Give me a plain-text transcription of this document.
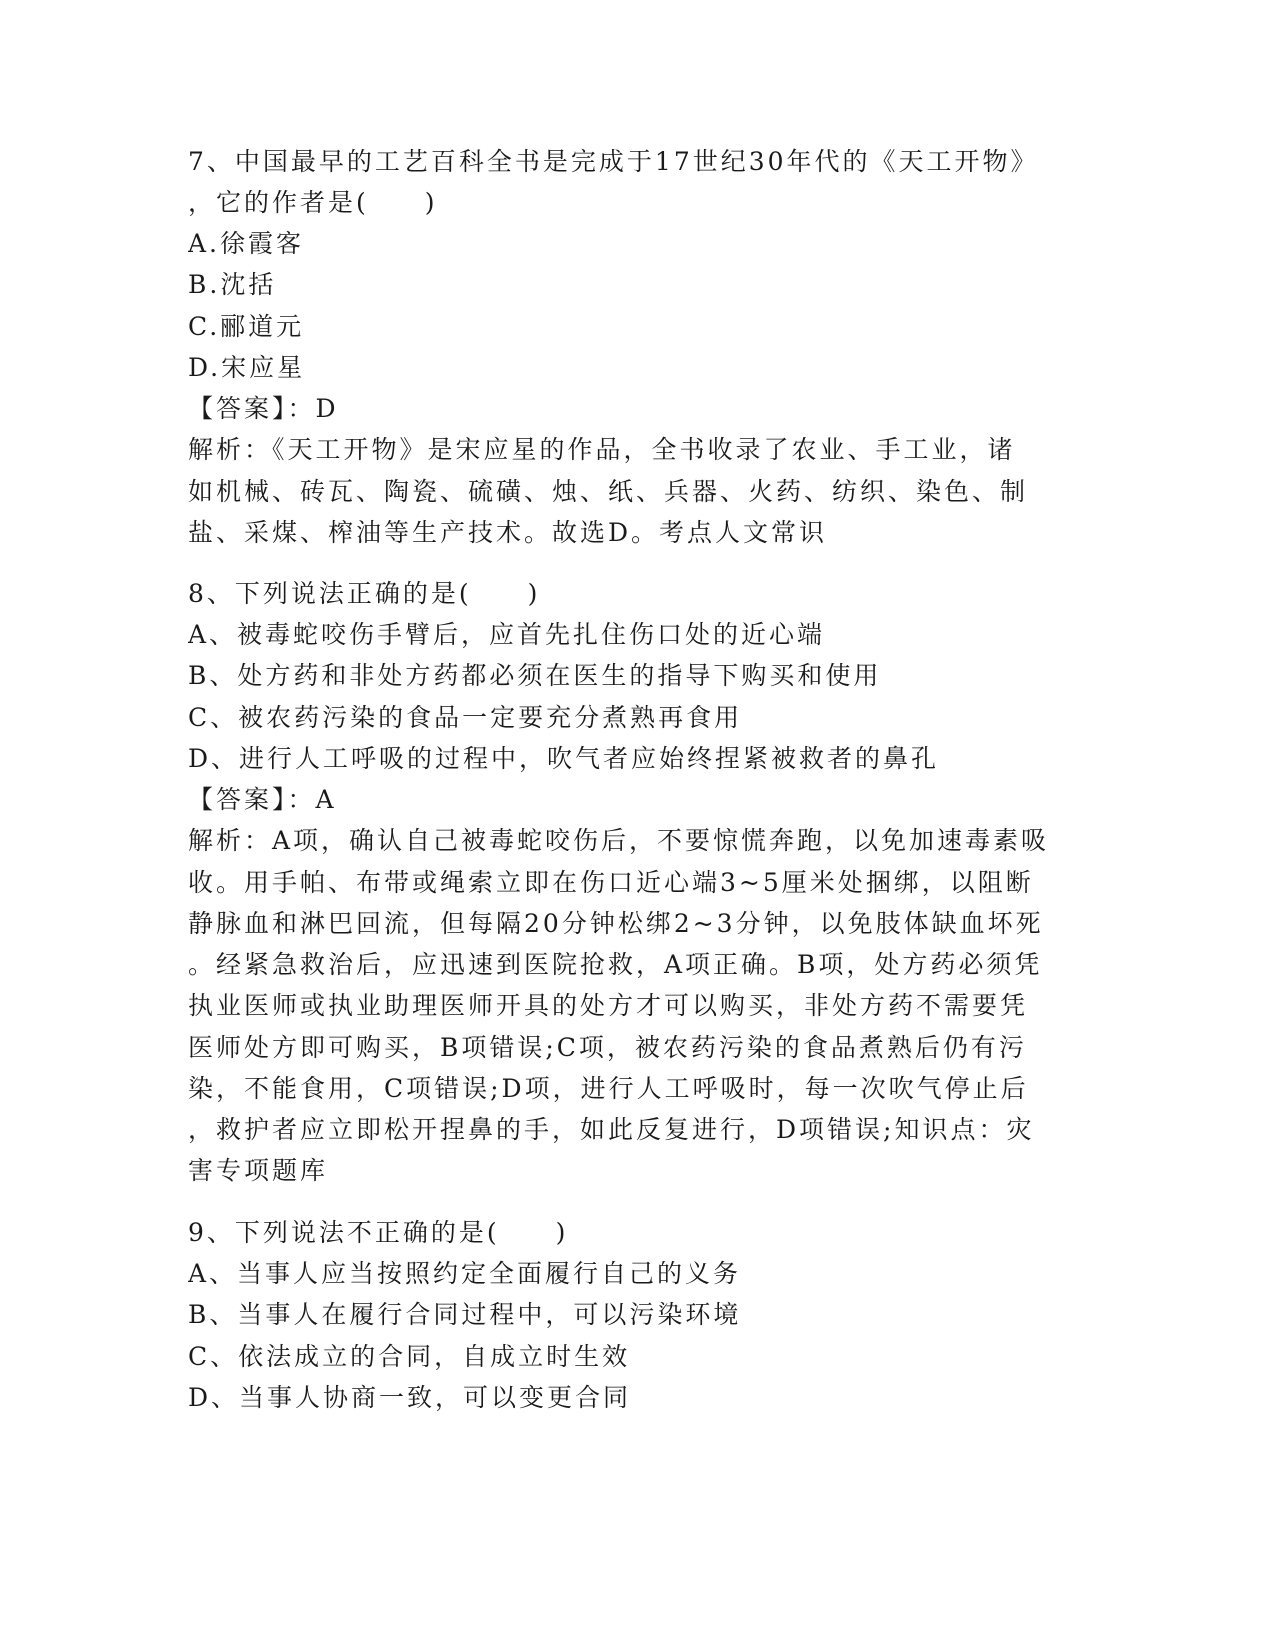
7、中国最早的工艺百科全书是完成于17世纪30年代的《天工开物》
，它的作者是(　　)
A.徐霞客
B.沈括
C.郦道元
D.宋应星
【答案】：D
解析：《天工开物》是宋应星的作品，全书收录了农业、手工业，诸
如机械、砖瓦、陶瓷、硫磺、烛、纸、兵器、火药、纺织、染色、制
盐、采煤、榨油等生产技术。故选D。考点人文常识
8、下列说法正确的是(　　)
A、被毒蛇咬伤手臂后，应首先扎住伤口处的近心端
B、处方药和非处方药都必须在医生的指导下购买和使用
C、被农药污染的食品一定要充分煮熟再食用
D、进行人工呼吸的过程中，吹气者应始终捏紧被救者的鼻孔
【答案】：A
解析：A项，确认自己被毒蛇咬伤后，不要惊慌奔跑，以免加速毒素吸
收。用手帕、布带或绳索立即在伤口近心端3~5厘米处捆绑，以阻断
静脉血和淋巴回流，但每隔20分钟松绑2~3分钟，以免肢体缺血坏死
。经紧急救治后，应迅速到医院抢救，A项正确。B项，处方药必须凭
执业医师或执业助理医师开具的处方才可以购买，非处方药不需要凭
医师处方即可购买，B项错误;C项，被农药污染的食品煮熟后仍有污
染，不能食用，C项错误;D项，进行人工呼吸时，每一次吹气停止后
，救护者应立即松开捏鼻的手，如此反复进行，D项错误;知识点：灾
害专项题库
9、下列说法不正确的是(　　)
A、当事人应当按照约定全面履行自己的义务
B、当事人在履行合同过程中，可以污染环境
C、依法成立的合同，自成立时生效
D、当事人协商一致，可以变更合同
